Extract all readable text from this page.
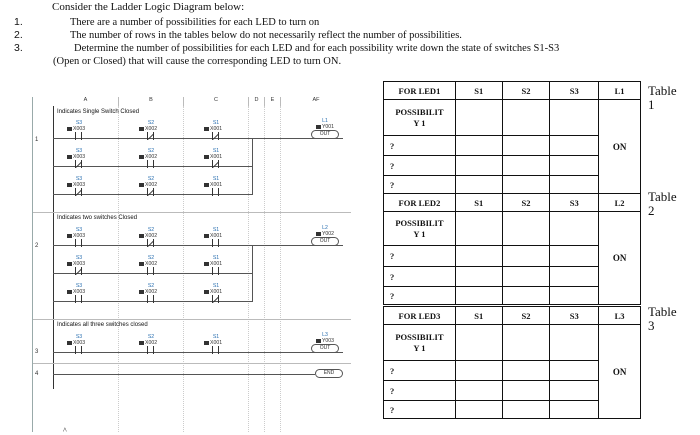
Consider the Ladder Logic Diagram below:
1.	There are a number of possibilities for each LED to turn on
2.	The number of rows in the tables below do not necessarily reflect the number of possibilities.
3.	Determine the number of possibilities for each LED and for each possibility write down the state of switches S1-S3
(Open or Closed) that will cause the corresponding LED to turn ON.
A	B	C	D	E	AF
1
2
3
4
Indicates Single Switch Closed
S3
X003
S2
X002
S1
X001
S3
X003
S2
X002
S1
X001
S3
X003
S2
X002
S1
X001
L1
Y001
OUT
Indicates two switches Closed
S3
X003
S2
X002
S1
X001
S3
X003
S2
X002
S1
X001
S3
X003
S2
X002
S1
X001
L2
Y002
OUT
Indicates all three switches closed
S3
X003
S2
X002
S1
X001
L3
Y003
OUT
END
FOR LED1	S1	S2	S3	L1

POSSIBILIT
Y 1				ON
?				
?				
?				
Table
1
FOR LED2	S1	S2	S3	L2

POSSIBILIT
Y 1				ON
?				
?				
?				
Table
2
FOR LED3	S1	S2	S3	L3

POSSIBILIT
Y 1				ON
?				
?				
?				
Table
3
^
